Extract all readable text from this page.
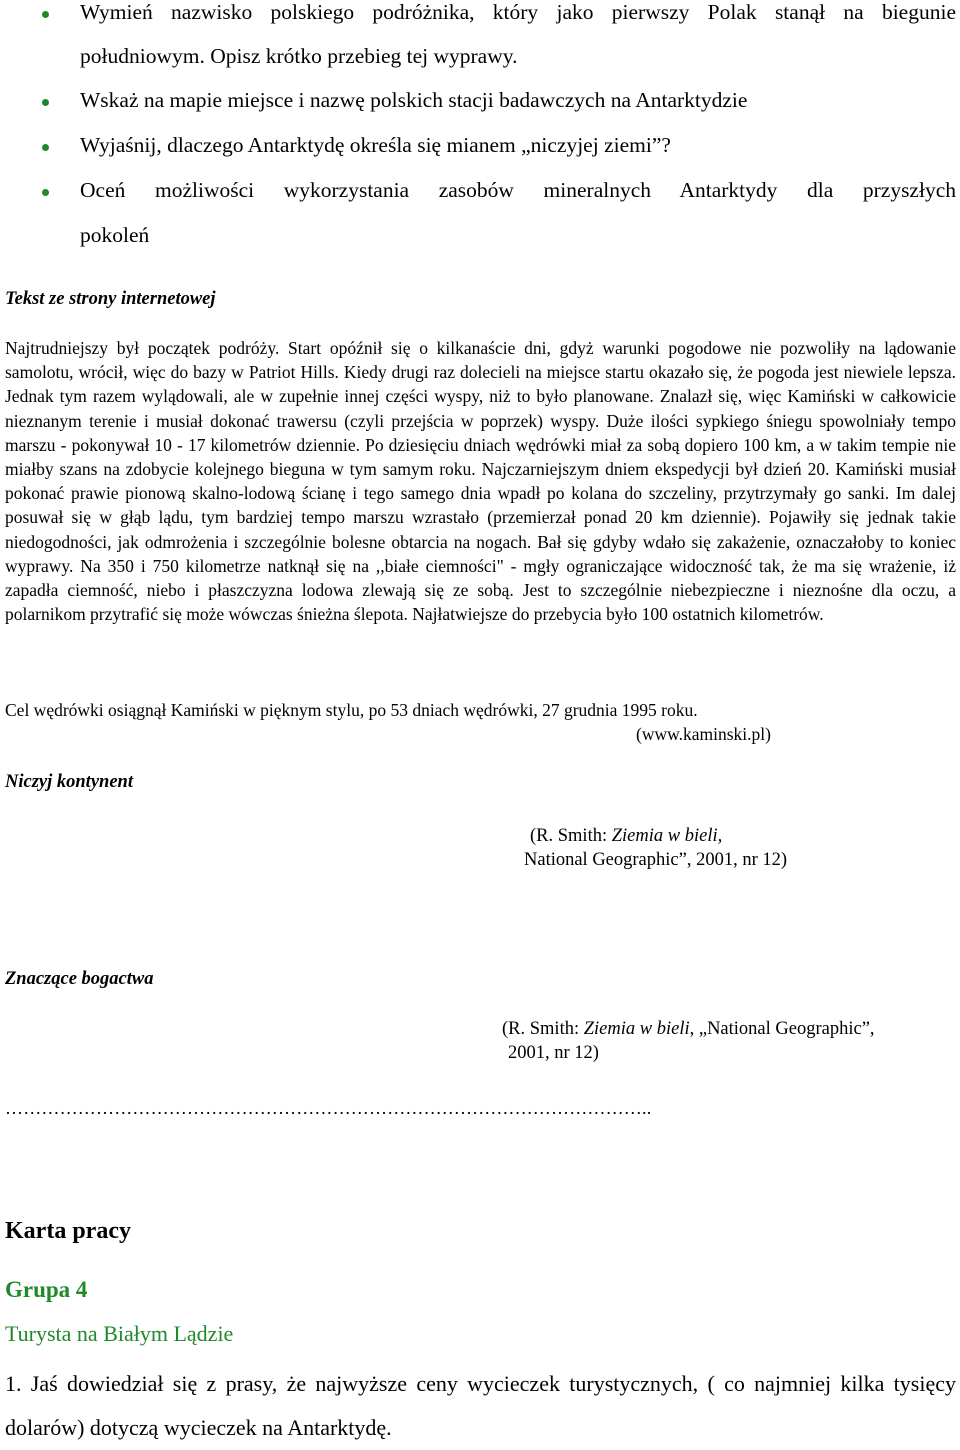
Wymień nazwisko polskiego podróżnika, który jako pierwszy Polak stanął na biegunie
południowym. Opisz krótko przebieg tej wyprawy.
Wskaż na mapie miejsce i nazwę polskich stacji badawczych na Antarktydzie
Wyjaśnij, dlaczego Antarktydę określa się mianem „niczyjej ziemi”?
Oceń możliwości wykorzystania zasobów mineralnych Antarktydy dla przyszłych
pokoleń
Tekst ze strony internetowej
Najtrudniejszy był początek podróży. Start opóźnił się o kilkanaście dni, gdyż warunki pogodowe nie pozwoliły na lądowanie samolotu, wrócił, więc do bazy w Patriot Hills. Kiedy drugi raz dolecieli na miejsce startu okazało się, że pogoda jest niewiele lepsza. Jednak tym razem wylądowali, ale w zupełnie innej części wyspy, niż to było planowane. Znalazł się, więc Kamiński w całkowicie nieznanym terenie i musiał dokonać trawersu (czyli przejścia w poprzek) wyspy. Duże ilości sypkiego śniegu spowolniały tempo marszu - pokonywał 10 - 17 kilometrów dziennie. Po dziesięciu dniach wędrówki miał za sobą dopiero 100 km, a w takim tempie nie miałby szans na zdobycie kolejnego bieguna w tym samym roku. Najczarniejszym dniem ekspedycji był dzień 20. Kamiński musiał pokonać prawie pionową skalno-lodową ścianę i tego samego dnia wpadł po kolana do szczeliny, przytrzymały go sanki. Im dalej posuwał się w głąb lądu, tym bardziej tempo marszu wzrastało (przemierzał ponad 20 km dziennie). Pojawiły się jednak takie niedogodności, jak odmrożenia i szczególnie bolesne obtarcia na nogach. Bał się gdyby wdało się zakażenie, oznaczałoby to koniec wyprawy. Na 350 i 750 kilometrze natknął się na ,,białe ciemności" - mgły ograniczające widoczność tak, że ma się wrażenie, iż zapadła ciemność, niebo i płaszczyzna lodowa zlewają się ze sobą. Jest to szczególnie niebezpieczne i nieznośne dla oczu, a polarnikom przytrafić się może wówczas śnieżna ślepota. Najłatwiejsze do przebycia było 100 ostatnich kilometrów.
Cel wędrówki osiągnął Kamiński w pięknym stylu, po 53 dniach wędrówki, 27 grudnia 1995 roku.
(www.kaminski.pl)
Niczyj kontynent
(R. Smith: Ziemia w bieli,
National Geographic”, 2001, nr 12)
Znaczące bogactwa
(R. Smith: Ziemia w bieli, „National Geographic”,
2001, nr 12)
……………………………………………………………………………………………..
Karta pracy
Grupa 4
Turysta na Białym Lądzie
1. Jaś dowiedział się z prasy, że najwyższe ceny wycieczek turystycznych, ( co najmniej kilka tysięcy dolarów) dotyczą wycieczek na Antarktydę.
